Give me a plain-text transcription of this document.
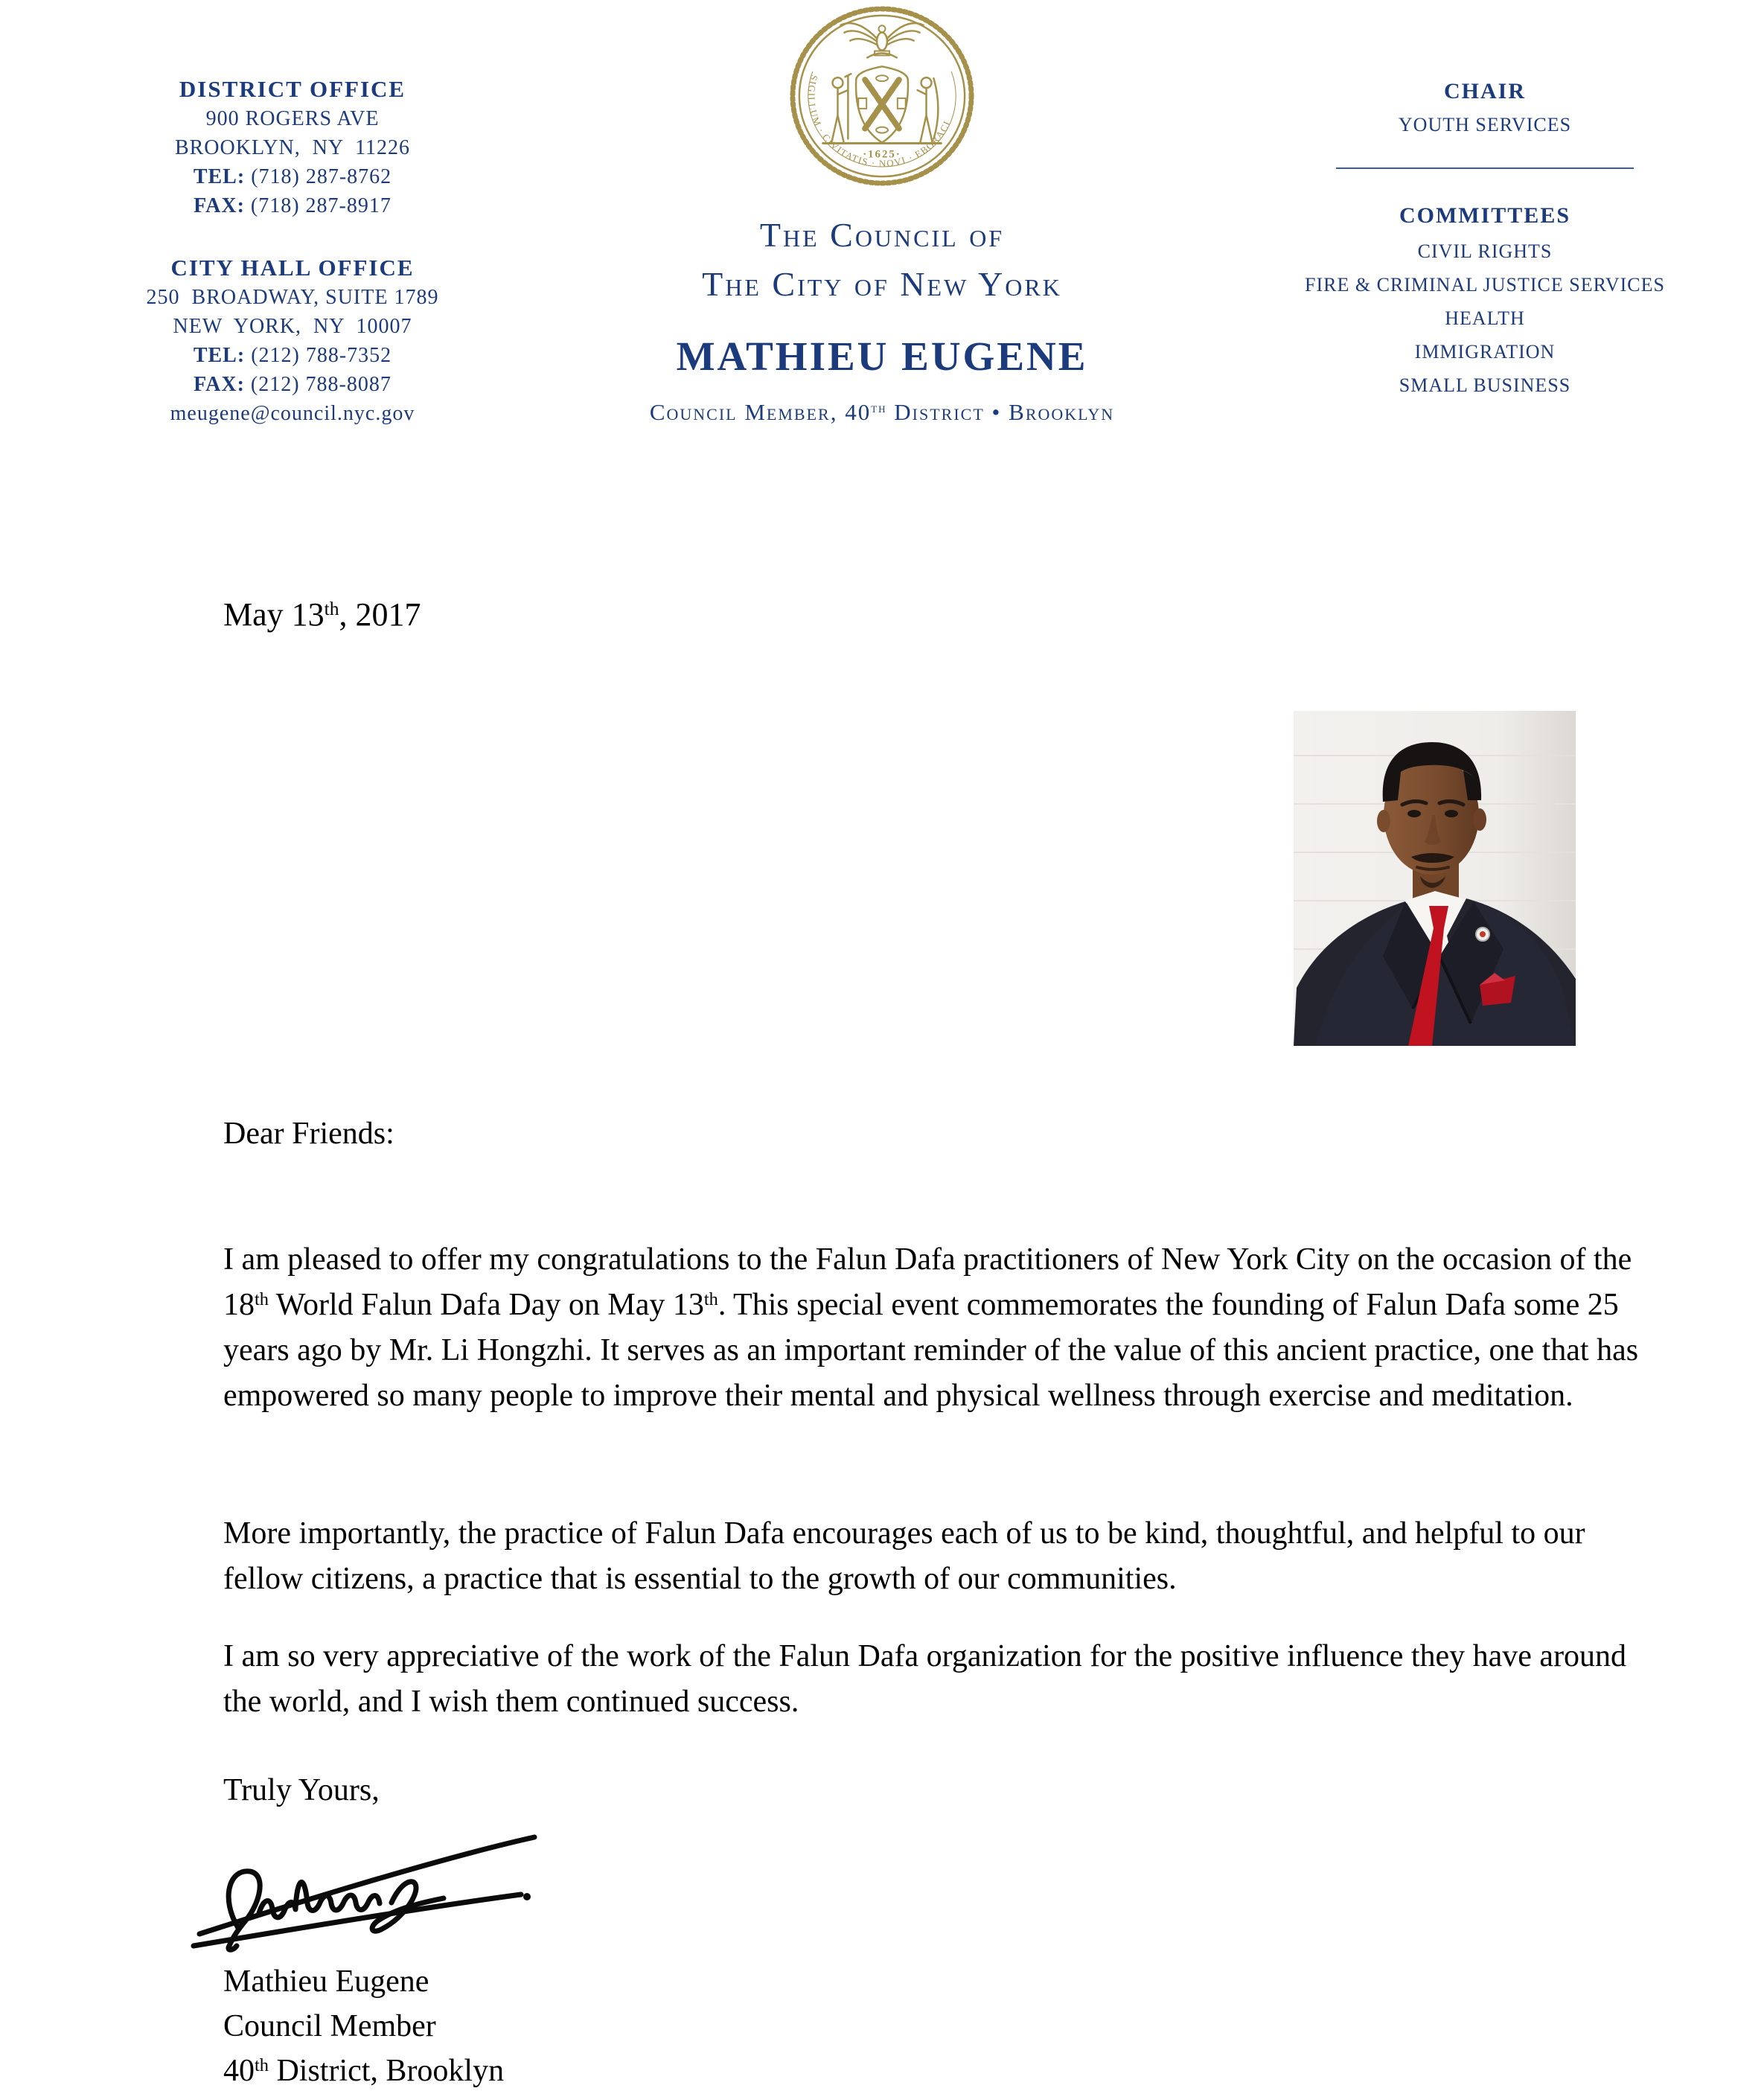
DISTRICT OFFICE
900 ROGERS AVE
BROOKLYN,  NY  11226
TEL: (718) 287-8762
FAX: (718) 287-8917
CITY HALL OFFICE
250  BROADWAY, SUITE 1789
NEW  YORK,  NY  10007
TEL: (212) 788-7352
FAX: (212) 788-8087
meugene@council.nyc.gov
SIGILLUM · CIVITATIS · NOVI · EBORACI
·1625·
The Council of
The City of New York
MATHIEU EUGENE
Council Member, 40th District • Brooklyn
CHAIR
YOUTH SERVICES
COMMITTEES
CIVIL RIGHTS
FIRE & CRIMINAL JUSTICE SERVICES
HEALTH
IMMIGRATION
SMALL BUSINESS
May 13th, 2017
Dear Friends:

I am pleased to offer my congratulations to the Falun Dafa practitioners of New York City on the occasion of the 18th World Falun Dafa Day on May 13th. This special event commemorates the founding of Falun Dafa some 25 years ago by Mr. Li Hongzhi. It serves as an important reminder of the value of this ancient practice, one that has empowered so many people to improve their mental and physical wellness through exercise and meditation.

More importantly, the practice of Falun Dafa encourages each of us to be kind, thoughtful, and helpful to our fellow citizens, a practice that is essential to the growth of our communities.

I am so very appreciative of the work of the Falun Dafa organization for the positive influence they have around the world, and I wish them continued success.

Truly Yours,
Mathieu Eugene
Council Member
40th District, Brooklyn
